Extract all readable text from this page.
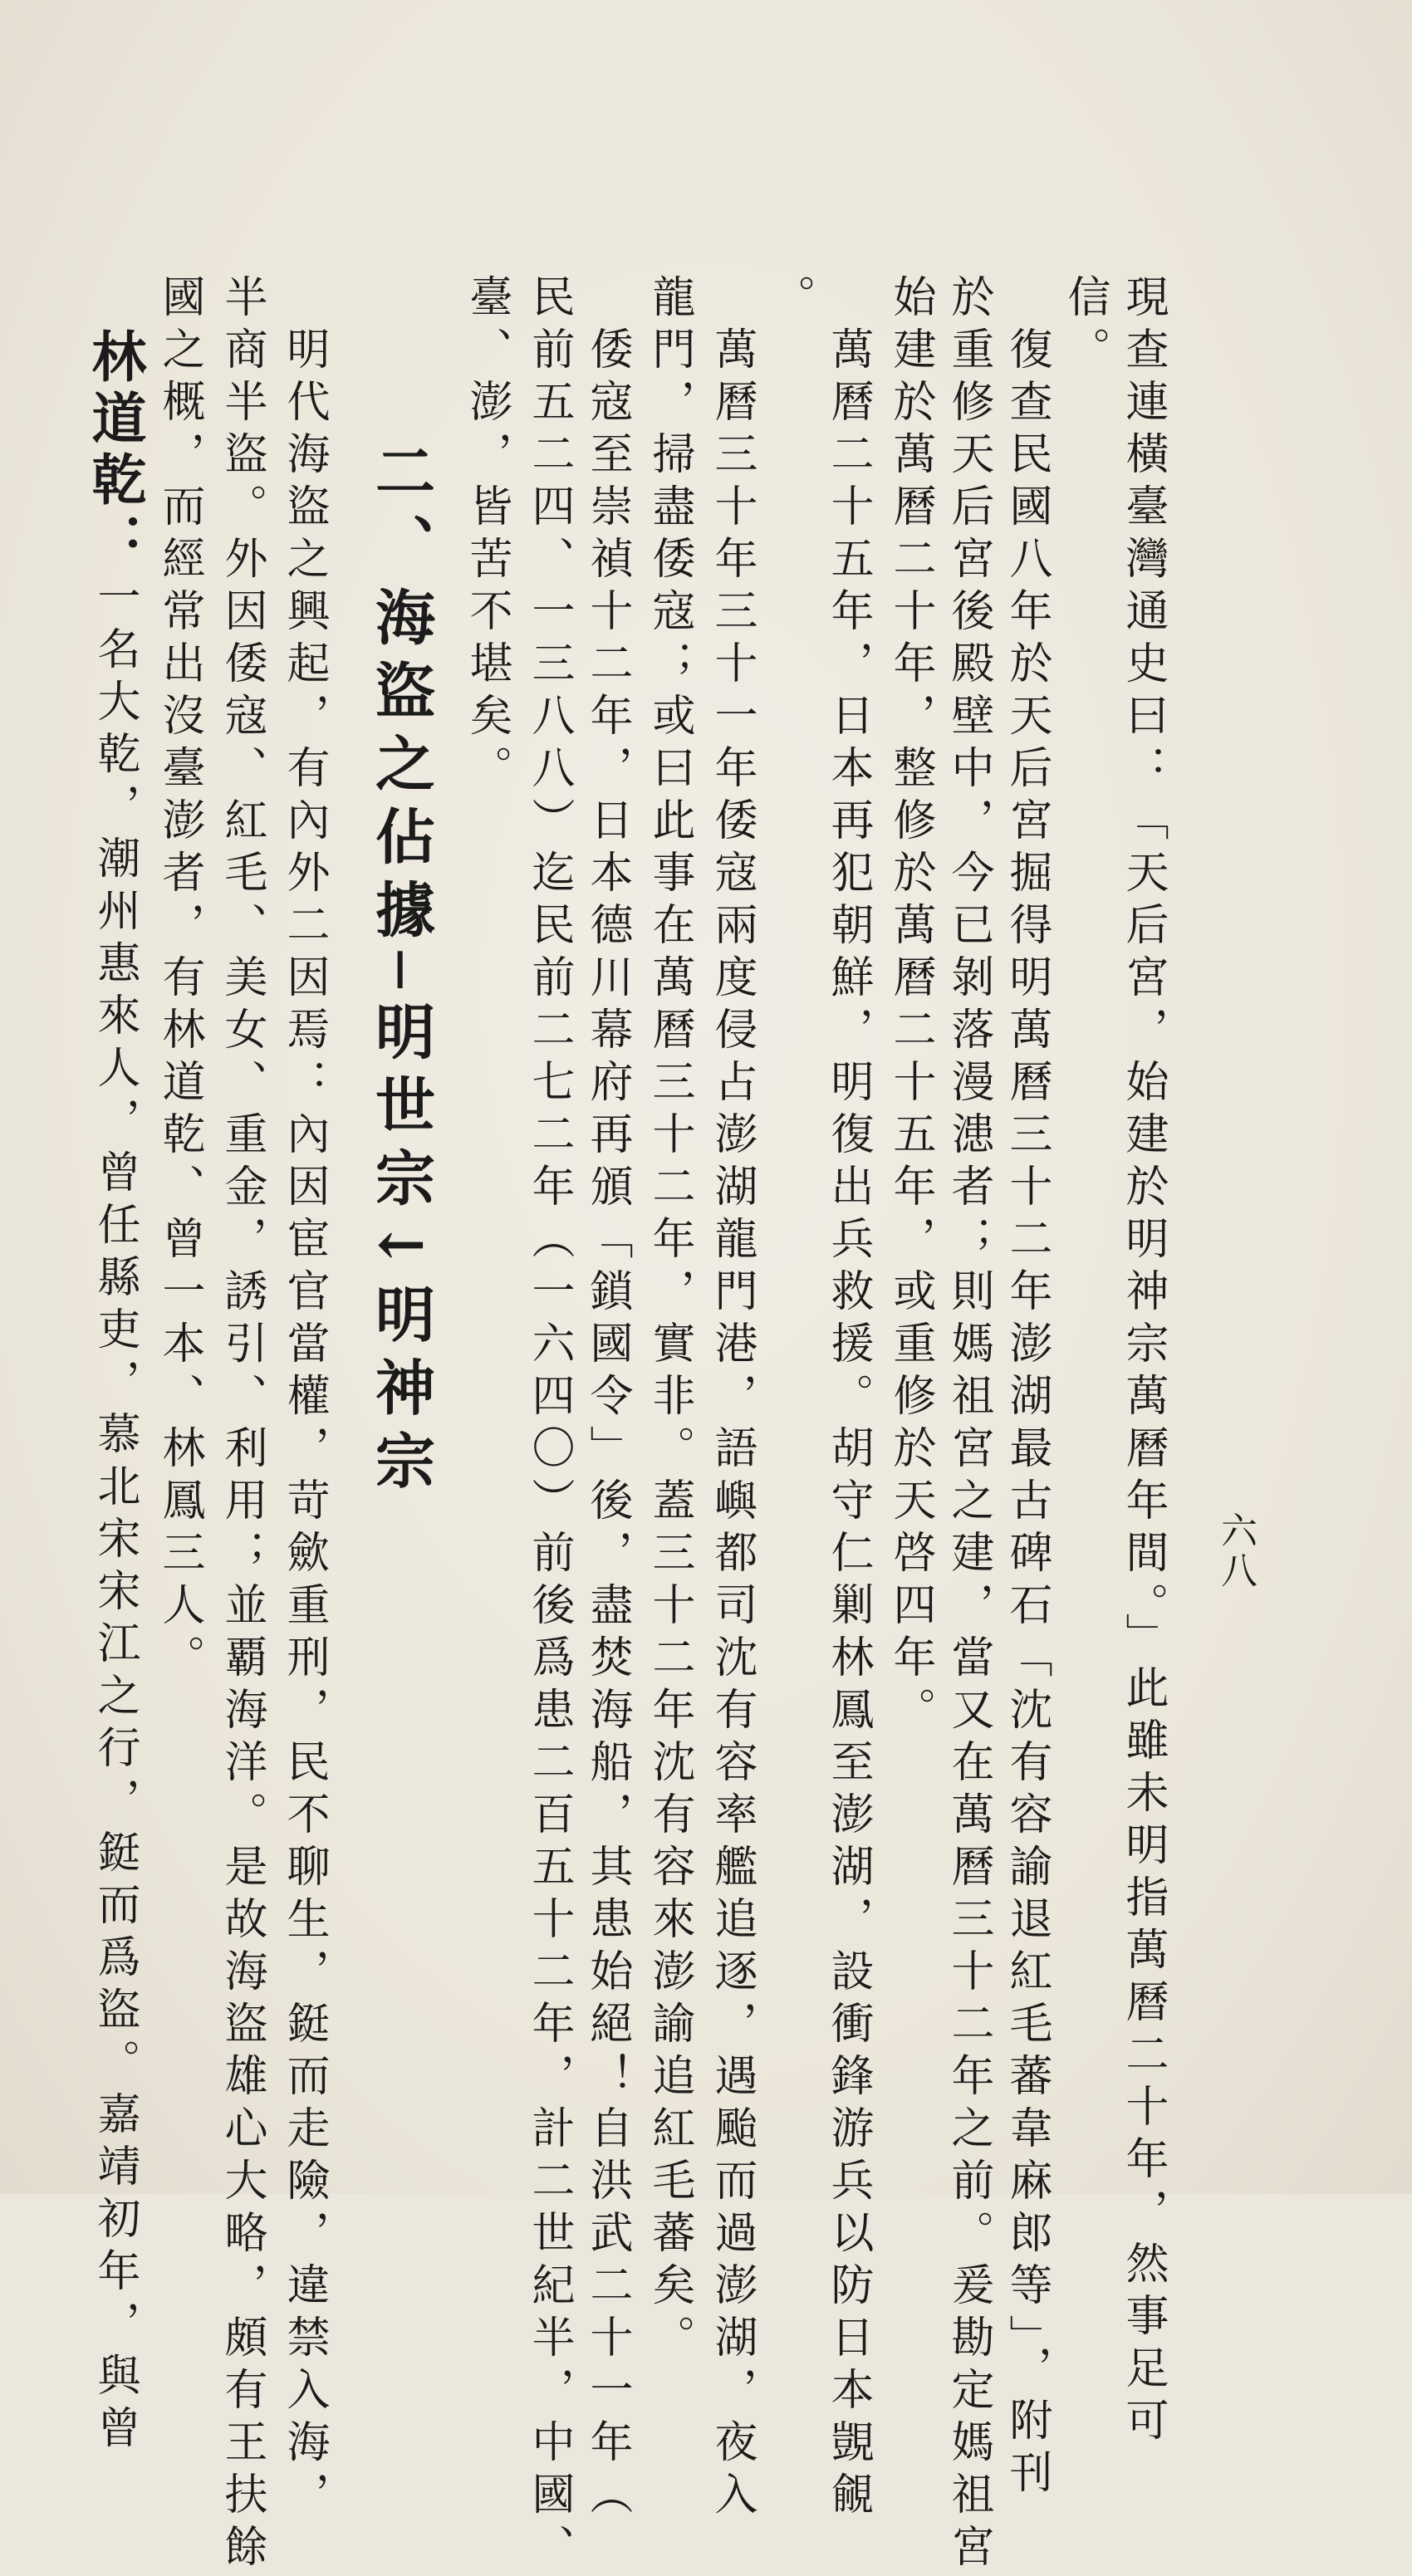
六八
現查連橫臺灣通史曰：「天后宮，始建於明神宗萬曆年間。」此雖未明指萬曆二十年，然事足可
信。
　復查民國八年於天后宮掘得明萬曆三十二年澎湖最古碑石「沈有容諭退紅毛蕃韋麻郎等」，附刊
於重修天后宮後殿壁中，今已剝落漫漶者；則媽祖宮之建，當又在萬曆三十二年之前。爰勘定媽祖宮
始建於萬曆二十年，整修於萬曆二十五年，或重修於天啓四年。
　萬曆二十五年，日本再犯朝鮮，明復出兵救援。胡守仁剿林鳳至澎湖，設衝鋒游兵以防日本覬覦
。
　萬曆三十年三十一年倭寇兩度侵占澎湖龍門港，語嶼都司沈有容率艦追逐，遇颱而過澎湖，夜入
龍門，掃盡倭寇；或曰此事在萬曆三十二年，實非。蓋三十二年沈有容來澎諭追紅毛蕃矣。
　倭寇至崇禎十二年，日本德川幕府再頒「鎖國令」後，盡焚海船，其患始絕！自洪武二十一年（
民前五二四、一三八八）迄民前二七二年（一六四〇）前後爲患二百五十二年，計二世紀半，中國、
臺、澎，皆苦不堪矣。
二、海盜之佔據─明世宗↓明神宗
　明代海盜之興起，有內外二因焉：內因宦官當權，苛歛重刑，民不聊生，鋌而走險，違禁入海，
半商半盜。外因倭寇、紅毛、美女、重金，誘引、利用；並覇海洋。是故海盜雄心大略，頗有王扶餘
國之概，而經常出沒臺澎者，有林道乾、曾一本、林鳳三人。
林道乾：一名大乾，潮州惠來人，曾任縣吏，慕北宋宋江之行，鋌而爲盜。嘉靖初年，與曾
